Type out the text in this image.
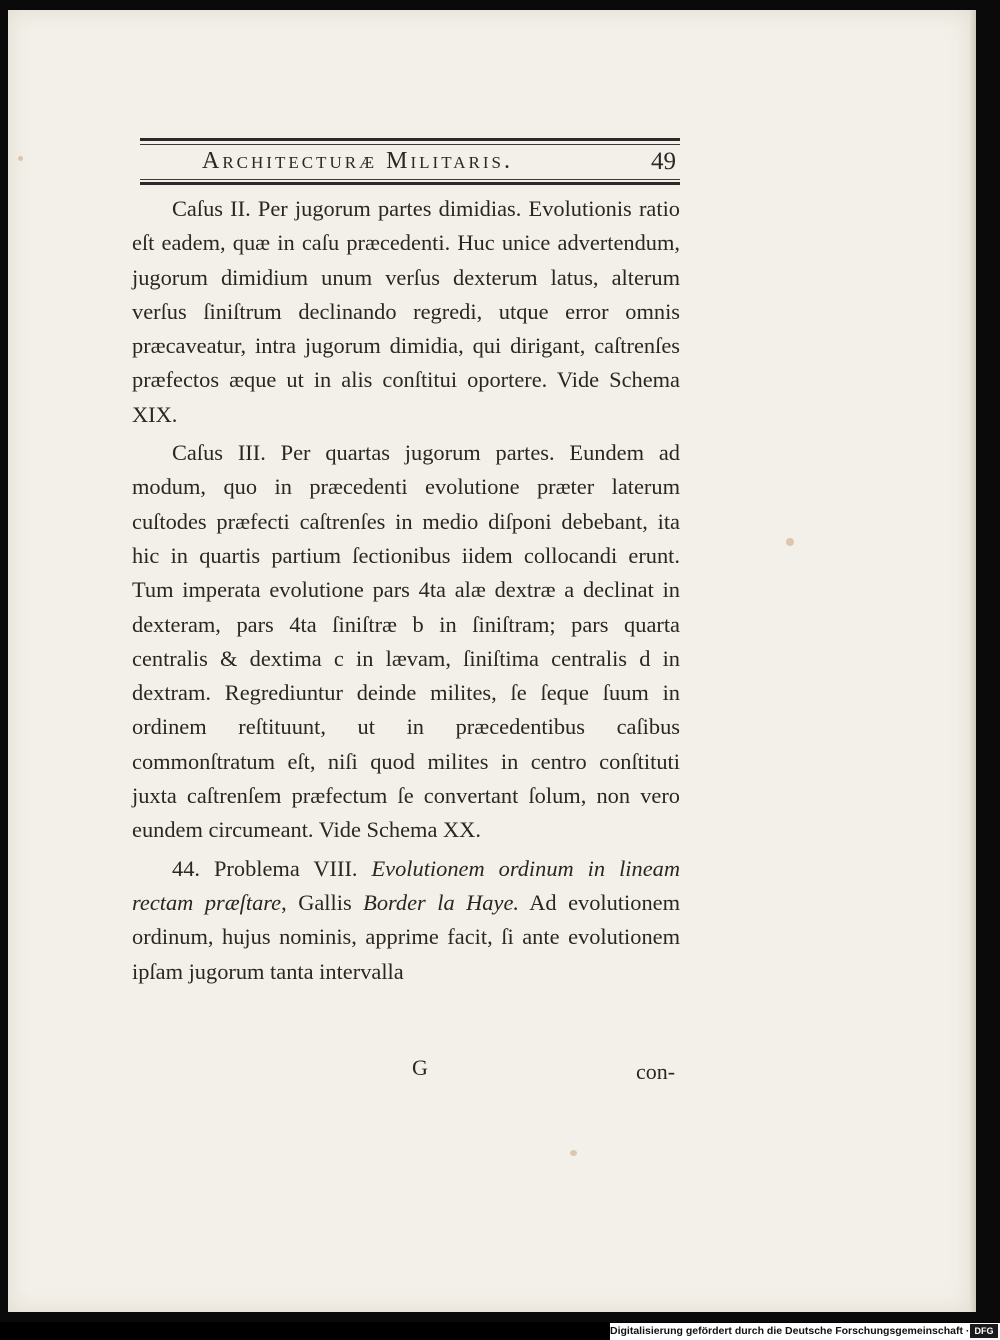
Architecturæ Militaris.	49

Caſus II. Per jugorum partes dimidias. Evolutionis ratio eſt eadem, quæ in caſu præcedenti. Huc unice advertendum, jugorum dimidium unum verſus dexterum latus, alterum verſus ſiniſtrum declinando regredi, utque error omnis præcaveatur, intra jugorum dimidia, qui dirigant, caſtrenſes præfectos æque ut in alis conſtitui oportere. Vide Schema XIX.

Caſus III. Per quartas jugorum partes. Eundem ad modum, quo in præcedenti evolutione præter laterum cuſtodes præfecti caſtrenſes in medio diſponi debebant, ita hic in quartis partium ſectionibus iidem collocandi erunt. Tum imperata evolutione pars 4ta alæ dextræ a declinat in dexteram, pars 4ta ſiniſtræ b in ſiniſtram; pars quarta centralis & dextima c in lævam, ſiniſtima centralis d in dextram. Regrediuntur deinde milites, ſe ſeque ſuum in ordinem reſtituunt, ut in præcedentibus caſibus commonſtratum eſt, niſi quod milites in centro conſtituti juxta caſtrenſem præfectum ſe convertant ſolum, non vero eundem circumeant. Vide Schema XX.

44. Problema VIII. Evolutionem ordinum in lineam rectam præſtare, Gallis Border la Haye. Ad evolutionem ordinum, hujus nominis, apprime facit, ſi ante evolutionem ipſam jugorum tanta intervalla

G	con-
Digitalisierung gefördert durch die Deutsche Forschungsgemeinschaft · DFG
